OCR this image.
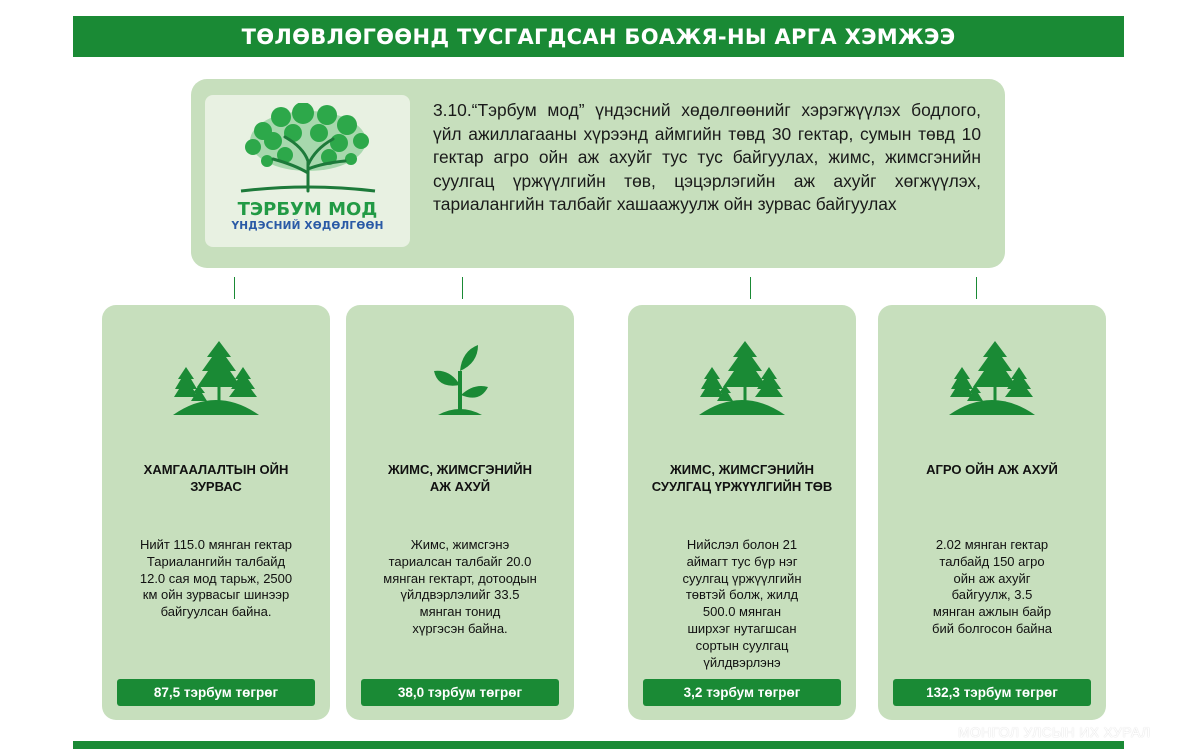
ТӨЛӨВЛӨГӨӨНД ТУСГАГДСАН БОАЖЯ-НЫ АРГА ХЭМЖЭЭ
ТЭРБУМ МОД
ҮНДЭСНИЙ ХӨДӨЛГӨӨН
3.10.“Тэрбум мод” үндэсний хөдөлгөөнийг хэрэгжүүлэх бодлого, үйл ажиллагааны хүрээнд аймгийн төвд 30 гектар, сумын төвд 10 гектар агро ойн аж ахуйг тус тус байгуулах, жимс, жимсгэнийн суулгац үржүүлгийн төв, цэцэрлэгийн аж ахуйг хөгжүүлэх, тариалангийн талбайг хашаажуулж ойн зурвас байгуулах
ХАМГААЛАЛТЫН ОЙН
ЗУРВАС
Нийт 115.0 мянган гектар
Тариалангийн талбайд
12.0 сая мод тарьж, 2500
км ойн зурвасыг шинээр
байгуулсан байна.
87,5 тэрбум төгрөг
ЖИМС, ЖИМСГЭНИЙН
АЖ АХУЙ
Жимс, жимсгэнэ
тариалсан талбайг 20.0
мянган гектарт, дотоодын
үйлдвэрлэлийг 33.5
мянган тонид
хүргэсэн байна.
38,0 тэрбум төгрөг
ЖИМС, ЖИМСГЭНИЙН
СУУЛГАЦ ҮРЖҮҮЛГИЙН ТӨВ
Нийслэл болон 21
аймагт тус бүр нэг
суулгац үржүүлгийн
төвтэй болж, жилд
500.0 мянган
ширхэг нутагшсан
сортын суулгац
үйлдвэрлэнэ
3,2 тэрбум төгрөг
АГРО ОЙН АЖ АХУЙ
2.02 мянган гектар
талбайд 150 агро
ойн аж ахуйг
байгуулж, 3.5
мянган ажлын байр
бий болгосон байна
132,3 тэрбум төгрөг
МОНГОЛ УЛСЫН ИХ ХУРАЛ
